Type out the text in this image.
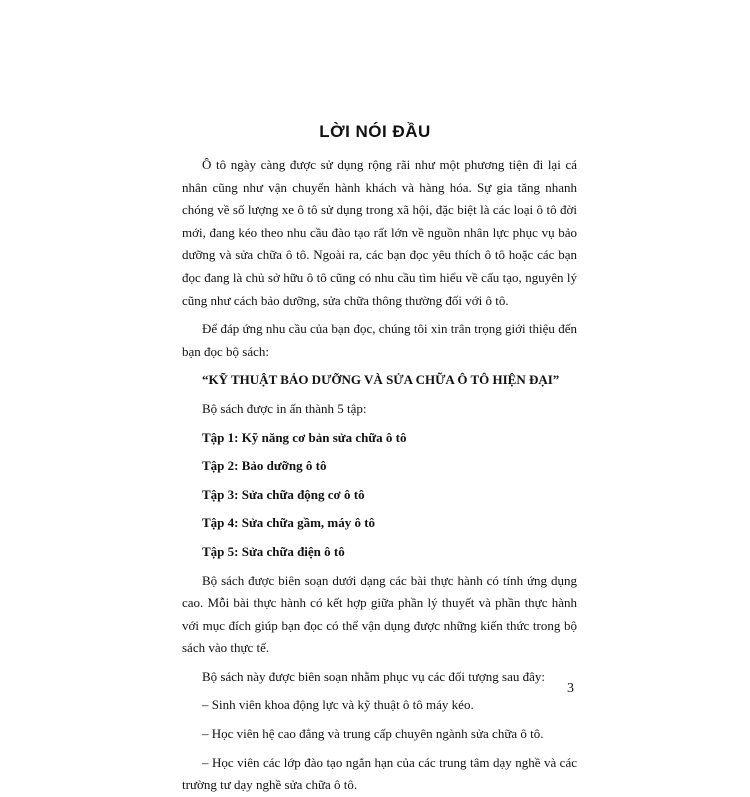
LỜI NÓI ĐẦU

Ô tô ngày càng được sử dụng rộng rãi như một phương tiện đi lại cá nhân cũng như vận chuyển hành khách và hàng hóa. Sự gia tăng nhanh chóng về số lượng xe ô tô sử dụng trong xã hội, đặc biệt là các loại ô tô đời mới, đang kéo theo nhu cầu đào tạo rất lớn về nguồn nhân lực phục vụ bảo dưỡng và sửa chữa ô tô. Ngoài ra, các bạn đọc yêu thích ô tô hoặc các bạn đọc đang là chủ sở hữu ô tô cũng có nhu cầu tìm hiểu về cấu tạo, nguyên lý cũng như cách bảo dưỡng, sửa chữa thông thường đối với ô tô.

Để đáp ứng nhu cầu của bạn đọc, chúng tôi xin trân trọng giới thiệu đến bạn đọc bộ sách:

“KỸ THUẬT BẢO DƯỠNG VÀ SỬA CHỮA Ô TÔ HIỆN ĐẠI”
Bộ sách được in ấn thành 5 tập:
Tập 1: Kỹ năng cơ bản sửa chữa ô tô
Tập 2: Bảo dưỡng ô tô
Tập 3: Sửa chữa động cơ ô tô
Tập 4: Sửa chữa gầm, máy ô tô
Tập 5: Sửa chữa điện ô tô

Bộ sách được biên soạn dưới dạng các bài thực hành có tính ứng dụng cao. Mỗi bài thực hành có kết hợp giữa phần lý thuyết và phần thực hành với mục đích giúp bạn đọc có thể vận dụng được những kiến thức trong bộ sách vào thực tế.

Bộ sách này được biên soạn nhằm phục vụ các đối tượng sau đây:

– Sinh viên khoa động lực và kỹ thuật ô tô máy kéo.

– Học viên hệ cao đẳng và trung cấp chuyên ngành sửa chữa ô tô.

– Học viên các lớp đào tạo ngắn hạn của các trung tâm dạy nghề và các trường tư dạy nghề sửa chữa ô tô.

3
